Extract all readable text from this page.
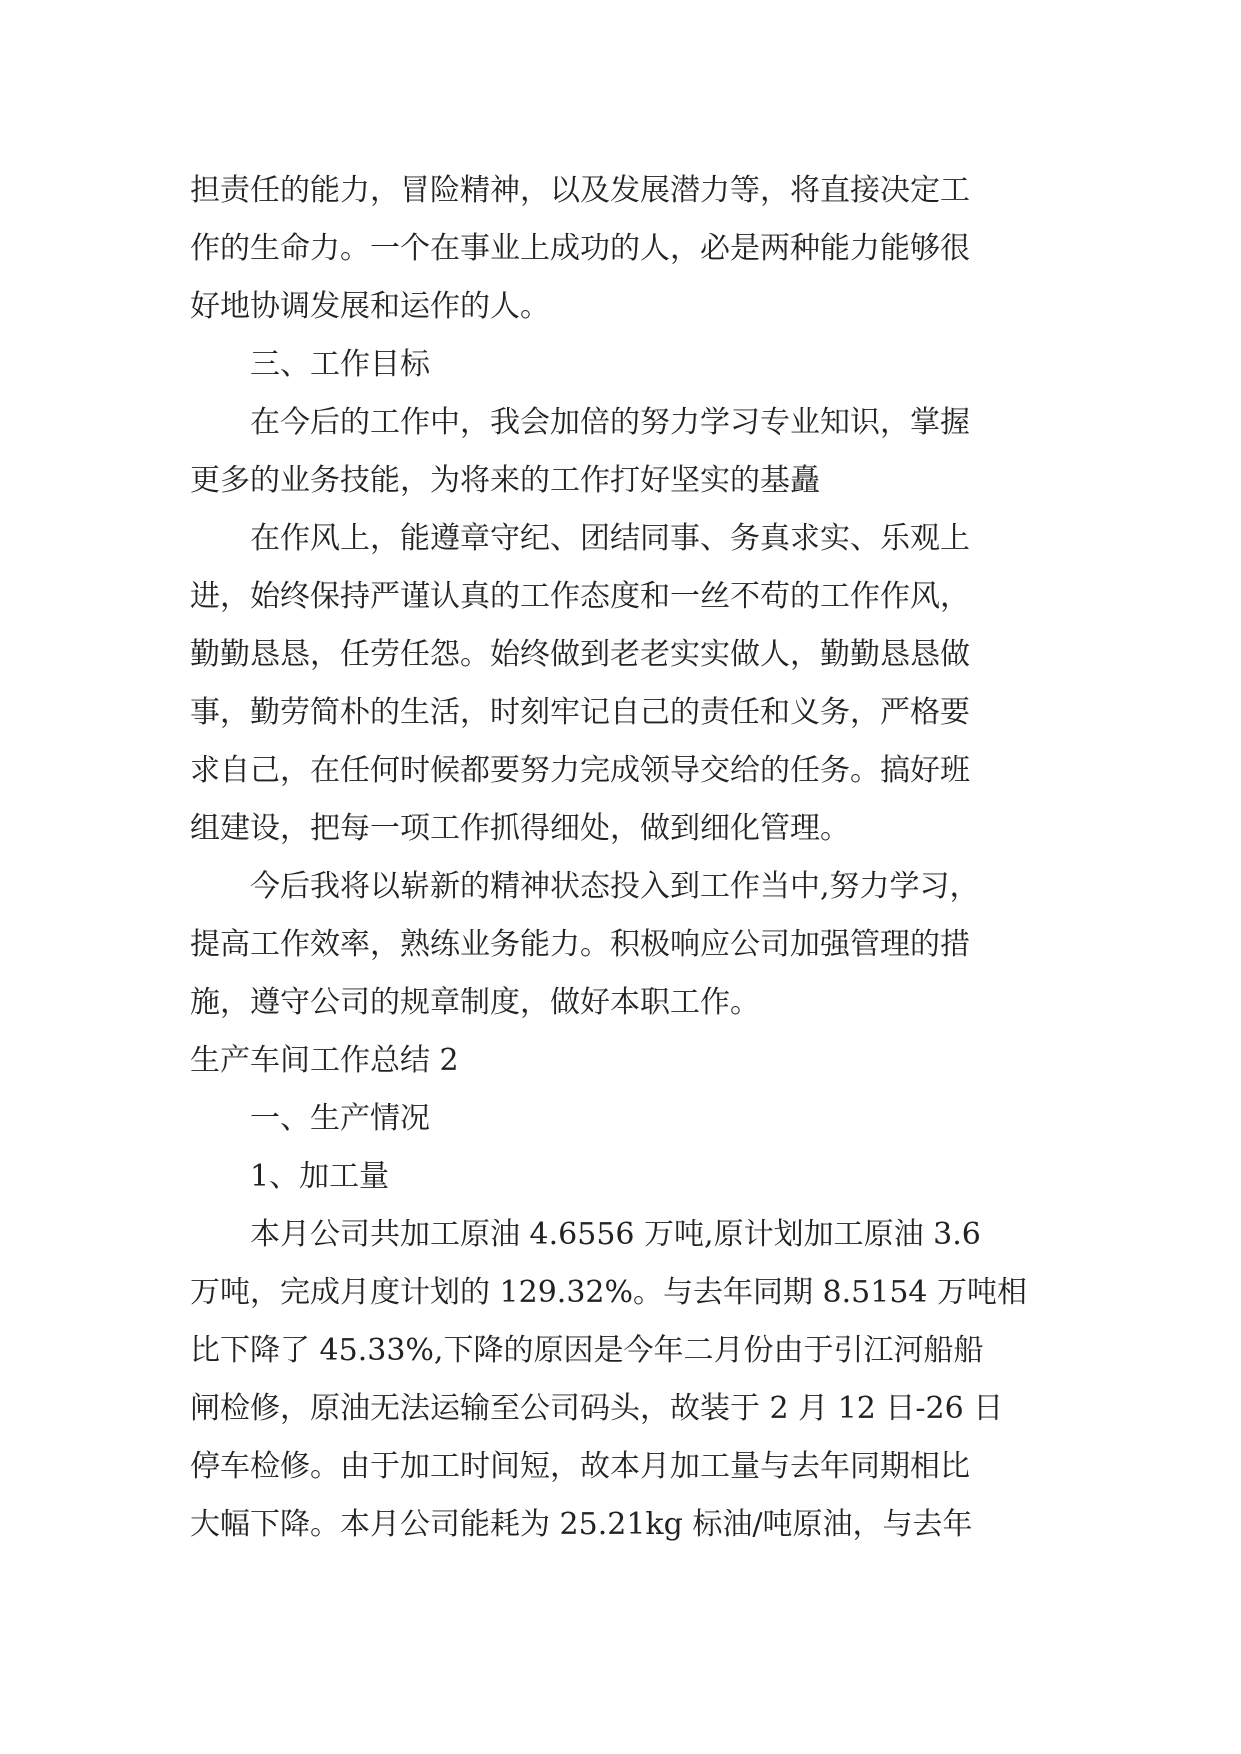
担责任的能力，冒险精神，以及发展潜力等，将直接决定工
作的生命力。一个在事业上成功的人，必是两种能力能够很
好地协调发展和运作的人。
三、工作目标
在今后的工作中，我会加倍的努力学习专业知识，掌握
更多的业务技能，为将来的工作打好坚实的基矗
在作风上，能遵章守纪、团结同事、务真求实、乐观上
进，始终保持严谨认真的工作态度和一丝不苟的工作作风，
勤勤恳恳，任劳任怨。始终做到老老实实做人，勤勤恳恳做
事，勤劳简朴的生活，时刻牢记自己的责任和义务，严格要
求自己，在任何时候都要努力完成领导交给的任务。搞好班
组建设，把每一项工作抓得细处，做到细化管理。
今后我将以崭新的精神状态投入到工作当中,努力学习，
提高工作效率，熟练业务能力。积极响应公司加强管理的措
施，遵守公司的规章制度，做好本职工作。
生产车间工作总结 2
一、生产情况
1、加工量
本月公司共加工原油 4.6556 万吨,原计划加工原油 3.6
万吨，完成月度计划的 129.32%。与去年同期 8.5154 万吨相
比下降了 45.33%,下降的原因是今年二月份由于引江河船船
闸检修，原油无法运输至公司码头，故装于 2 月 12 日-26 日
停车检修。由于加工时间短，故本月加工量与去年同期相比
大幅下降。本月公司能耗为 25.21kg 标油/吨原油，与去年
